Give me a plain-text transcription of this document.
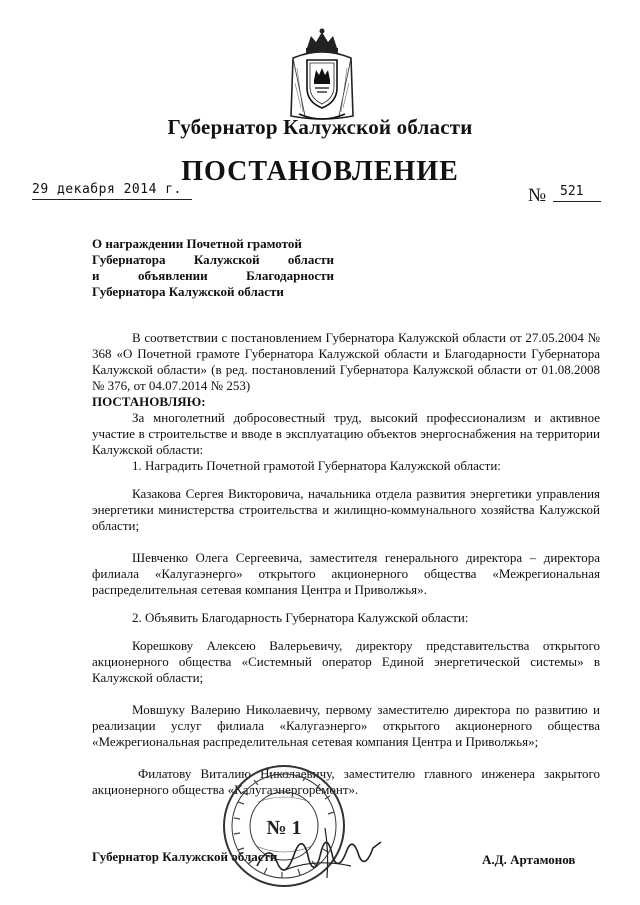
Губернатор Калужской области
ПОСТАНОВЛЕНИЕ
29 декабря 2014 г.	№ 521
О награждении Почетной грамотой
Губернатора Калужской области
и объявлении Благодарности
Губернатора Калужской области

В соответствии с постановлением Губернатора Калужской области от 27.05.2004 № 368 «О Почетной грамоте Губернатора Калужской области и Благодарности Губернатора Калужской области» (в ред. постановлений Губернатора Калужской области от 01.08.2008 № 376, от 04.07.2014 № 253)

ПОСТАНОВЛЯЮ:

За многолетний добросовестный труд, высокий профессионализм и активное участие в строительстве и вводе в эксплуатацию объектов энергоснабжения на территории Калужской области:

1. Наградить Почетной грамотой Губернатора Калужской области:

Казакова Сергея Викторовича, начальника отдела развития энергетики управления энергетики министерства строительства и жилищно-коммунального хозяйства Калужской области;

Шевченко Олега Сергеевича, заместителя генерального директора – директора филиала «Калугаэнерго» открытого акционерного общества «Межрегиональная распределительная сетевая компания Центра и Приволжья».

2. Объявить Благодарность Губернатора Калужской области:

Корешкову Алексею Валерьевичу, директору представительства открытого акционерного общества «Системный оператор Единой энергетической системы» в Калужской области;

Мовшуку Валерию Николаевичу, первому заместителю директора по развитию и реализации услуг филиала «Калугаэнерго» открытого акционерного общества «Межрегиональная распределительная сетевая компания Центра и Приволжья»;

Филатову Виталию Николаевичу, заместителю главного инженера закрытого акционерного общества «Калугаэнергоремонт».

Губернатор Калужской области	А.Д. Артамонов
№ 1
